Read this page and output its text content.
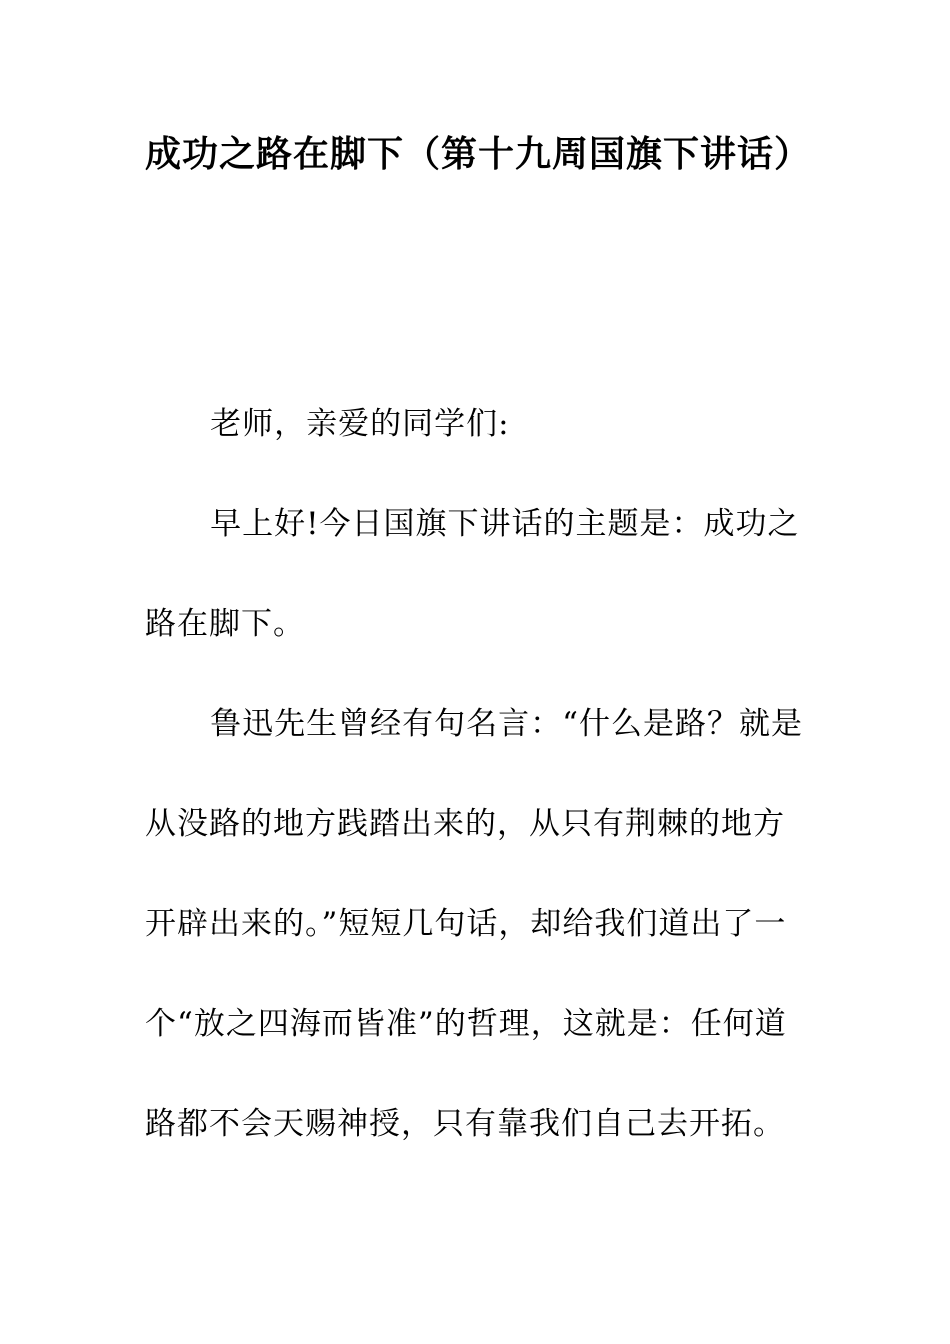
成功之路在脚下（第十九周国旗下讲话）

老师，亲爱的同学们:

早上好!今日国旗下讲话的主题是：成功之路在脚下。

鲁迅先生曾经有句名言：“什么是路？就是从没路的地方践踏出来的，从只有荆棘的地方开辟出来的。”短短几句话，却给我们道出了一个“放之四海而皆准”的哲理，这就是：任何道路都不会天赐神授，只有靠我们自己去开拓。
